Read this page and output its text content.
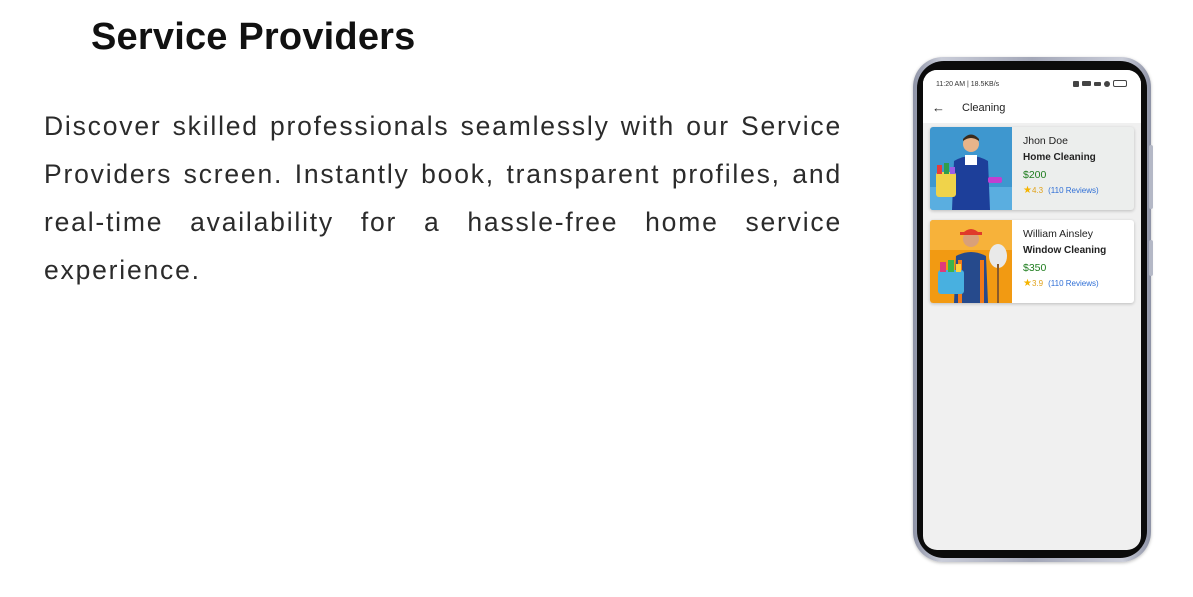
Service Providers

Discover skilled professionals seamlessly with our Service Providers screen. Instantly book, transparent profiles, and real-time availability for a hassle-free home service experience.

11:20 AM | 18.5KB/s
← Cleaning
Jhon Doe
Home Cleaning
$200
★4.3 (110 Reviews)
William Ainsley
Window Cleaning
$350
★3.9 (110 Reviews)
